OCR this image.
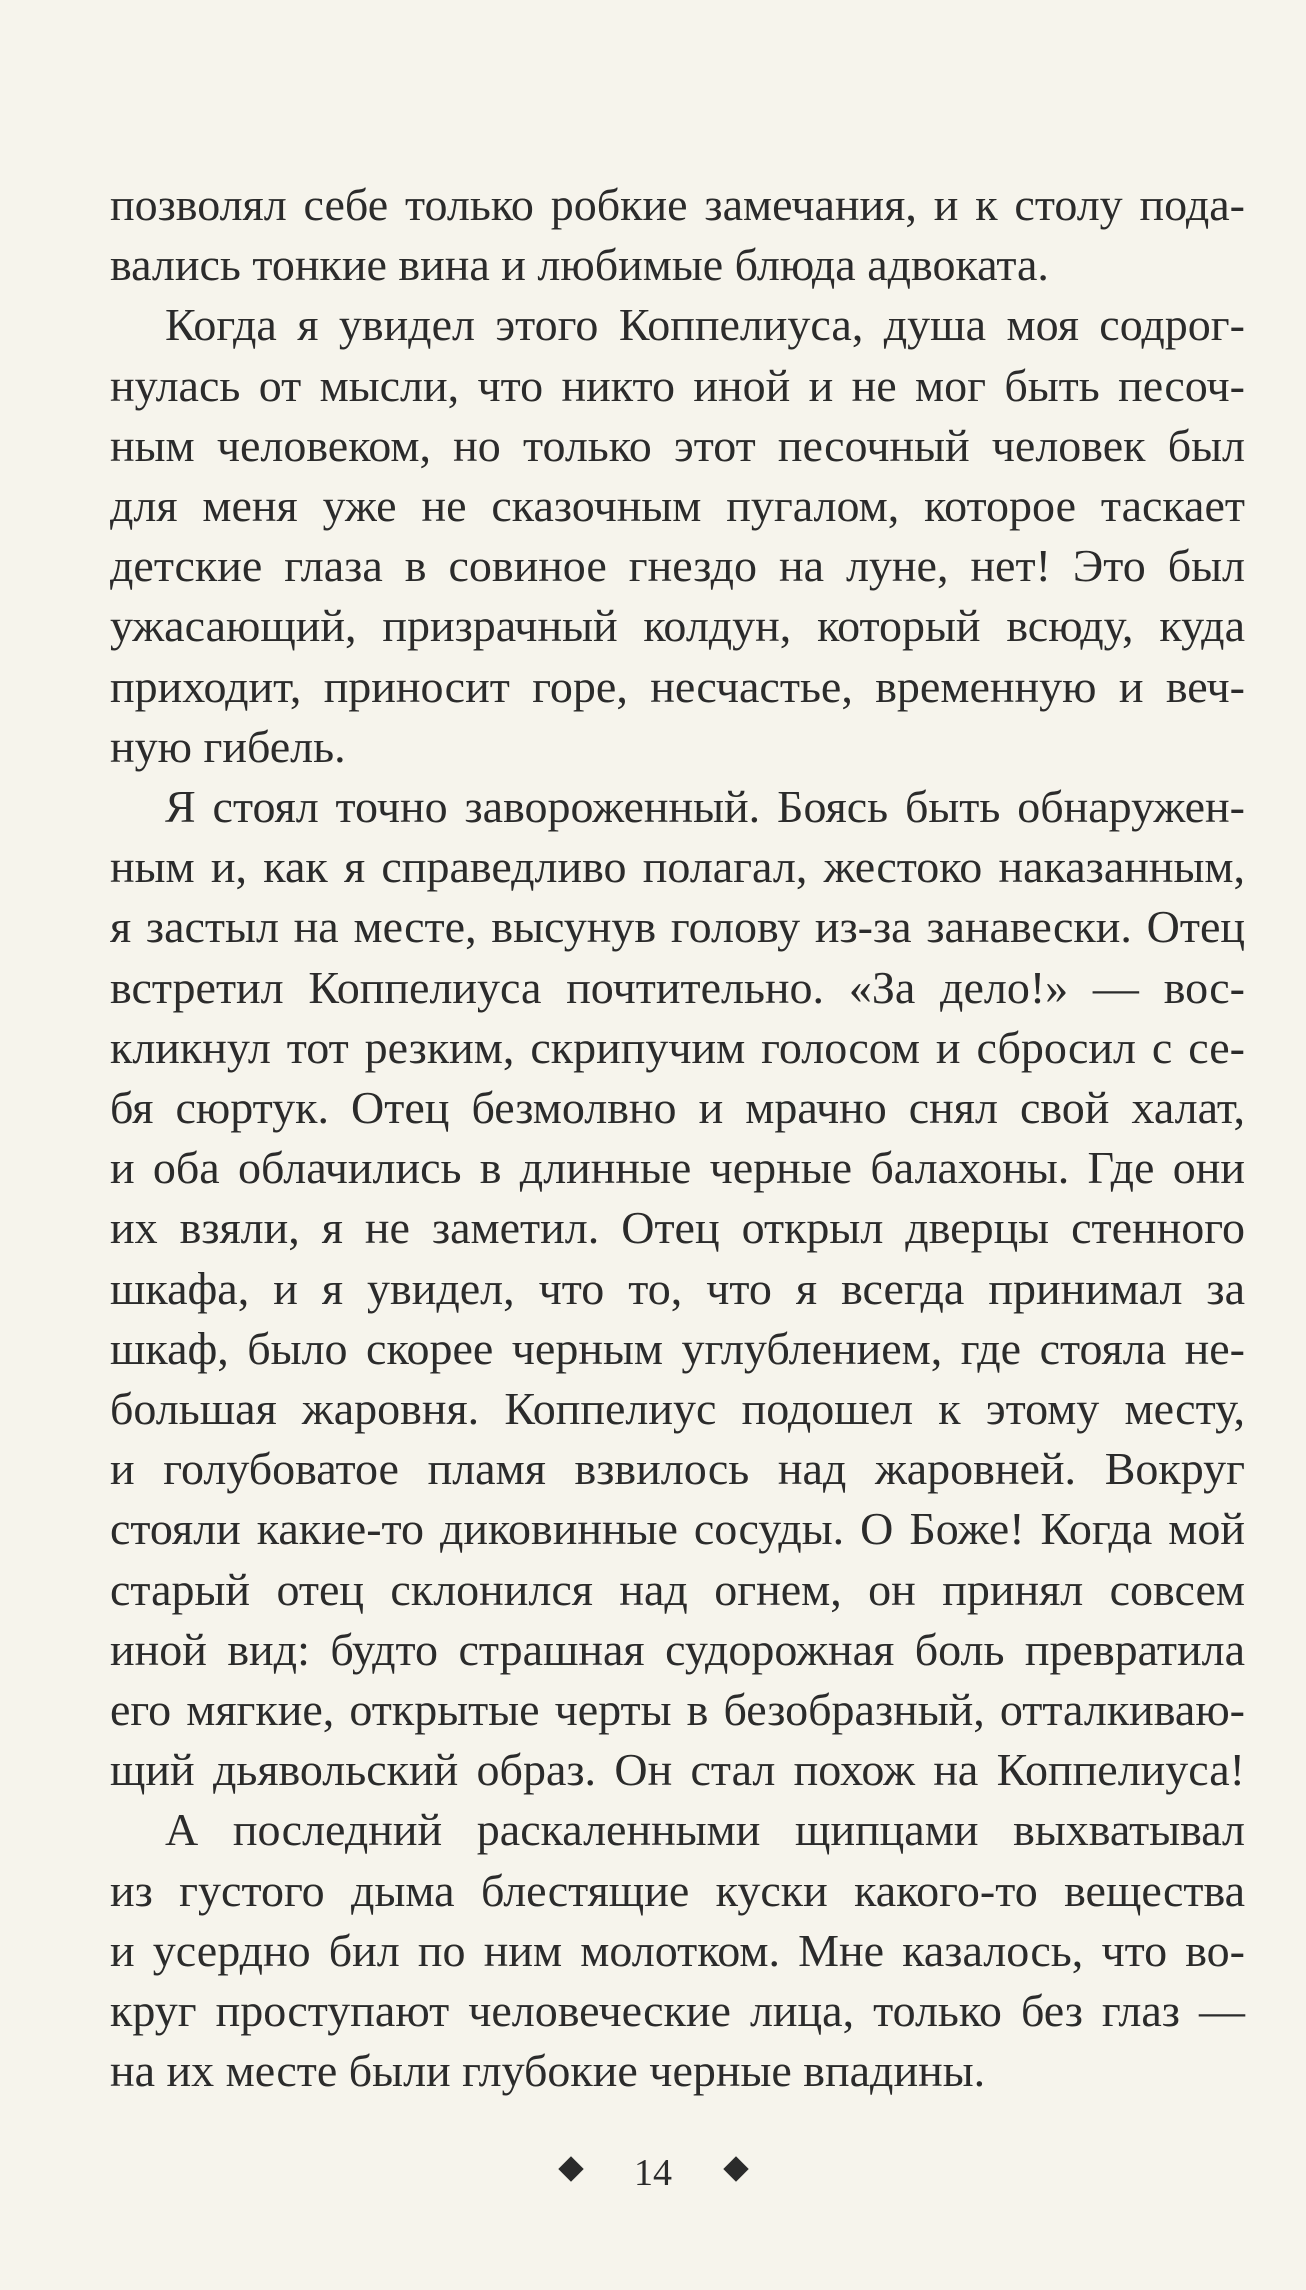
позволял себе только робкие замечания, и к столу пода-
вались тонкие вина и любимые блюда адвоката.

Когда я увидел этого Коппелиуса, душа моя содрог-
нулась от мысли, что никто иной и не мог быть песоч-
ным человеком, но только этот песочный человек был
для меня уже не сказочным пугалом, которое таскает
детские глаза в совиное гнездо на луне, нет! Это был
ужасающий, призрачный колдун, который всюду, куда
приходит, приносит горе, несчастье, временную и веч-
ную гибель.

Я стоял точно завороженный. Боясь быть обнаружен-
ным и, как я справедливо полагал, жестоко наказанным,
я застыл на месте, высунув голову из-за занавески. Отец
встретил Коппелиуса почтительно. «За дело!» — вос-
кликнул тот резким, скрипучим голосом и сбросил с се-
бя сюртук. Отец безмолвно и мрачно снял свой халат,
и оба облачились в длинные черные балахоны. Где они
их взяли, я не заметил. Отец открыл дверцы стенного
шкафа, и я увидел, что то, что я всегда принимал за
шкаф, было скорее черным углублением, где стояла не-
большая жаровня. Коппелиус подошел к этому месту,
и голубоватое пламя взвилось над жаровней. Вокруг
стояли какие-то диковинные сосуды. О Боже! Когда мой
старый отец склонился над огнем, он принял совсем
иной вид: будто страшная судорожная боль превратила
его мягкие, открытые черты в безобразный, отталкиваю-
щий дьявольский образ. Он стал похож на Коппелиуса!

А последний раскаленными щипцами выхватывал
из густого дыма блестящие куски какого-то вещества
и усердно бил по ним молотком. Мне казалось, что во-
круг проступают человеческие лица, только без глаз —
на их месте были глубокие черные впадины.

14
